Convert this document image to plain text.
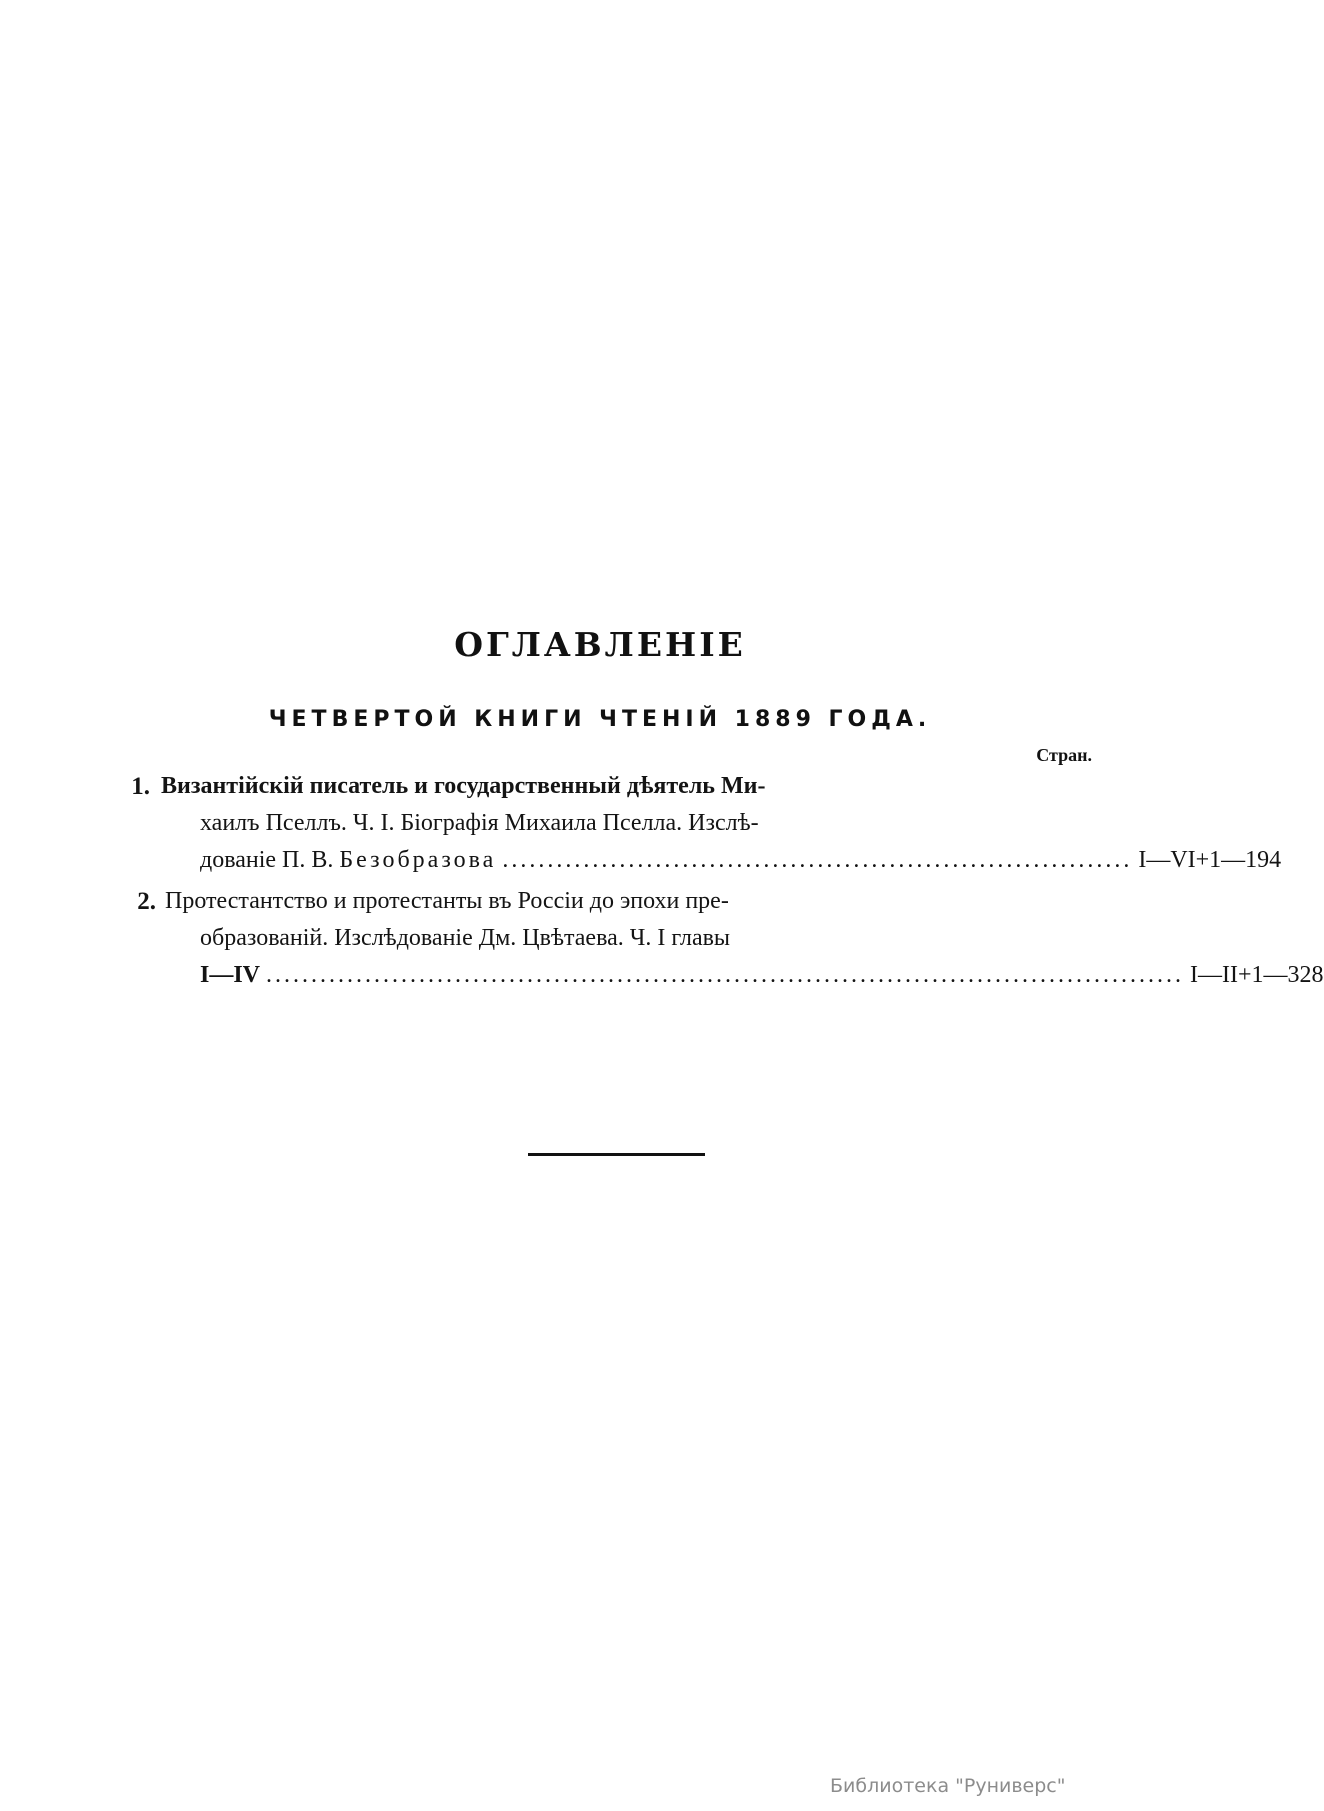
ОГЛАВЛЕНІЕ
ЧЕТВЕРТОЙ КНИГИ ЧТЕНІЙ 1889 ГОДА.
Стран.
1. Византійскій писатель и государственный дѣятель Ми-
хаилъ Пселлъ. Ч. І. Біографія Михаила Пселла. Изслѣ-
дованіе П. В.
Безобразова ...................................................................... I—VI+1—194
2. Протестантство и протестанты въ Россіи до эпохи пре-
образованій. Изслѣдованіе Дм. Цвѣтаева. Ч. І главы
I—IV ...................................................................................................... I—II+1—328
Библиотека "Руниверс"
